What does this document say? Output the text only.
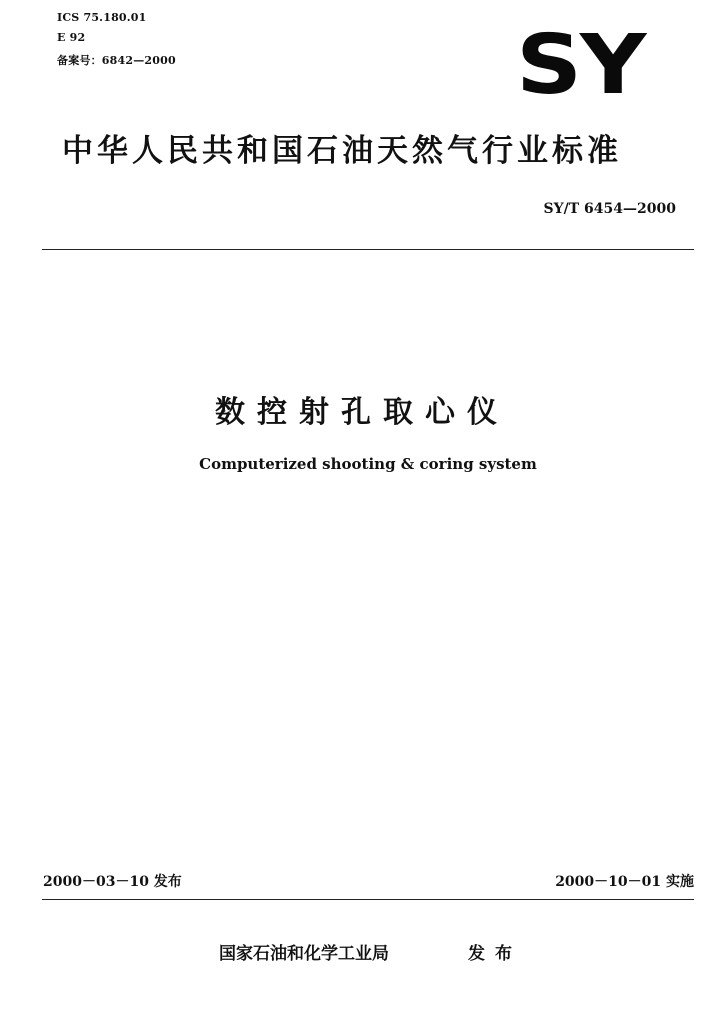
ICS 75.180.01
E 92
备案号：6842—2000	SY
中华人民共和国石油天然气行业标准
SY/T 6454—2000
数控射孔取心仪
Computerized shooting & coring system
2000－03－10 发布	2000－10－01 实施
国家石油和化学工业局	发布
